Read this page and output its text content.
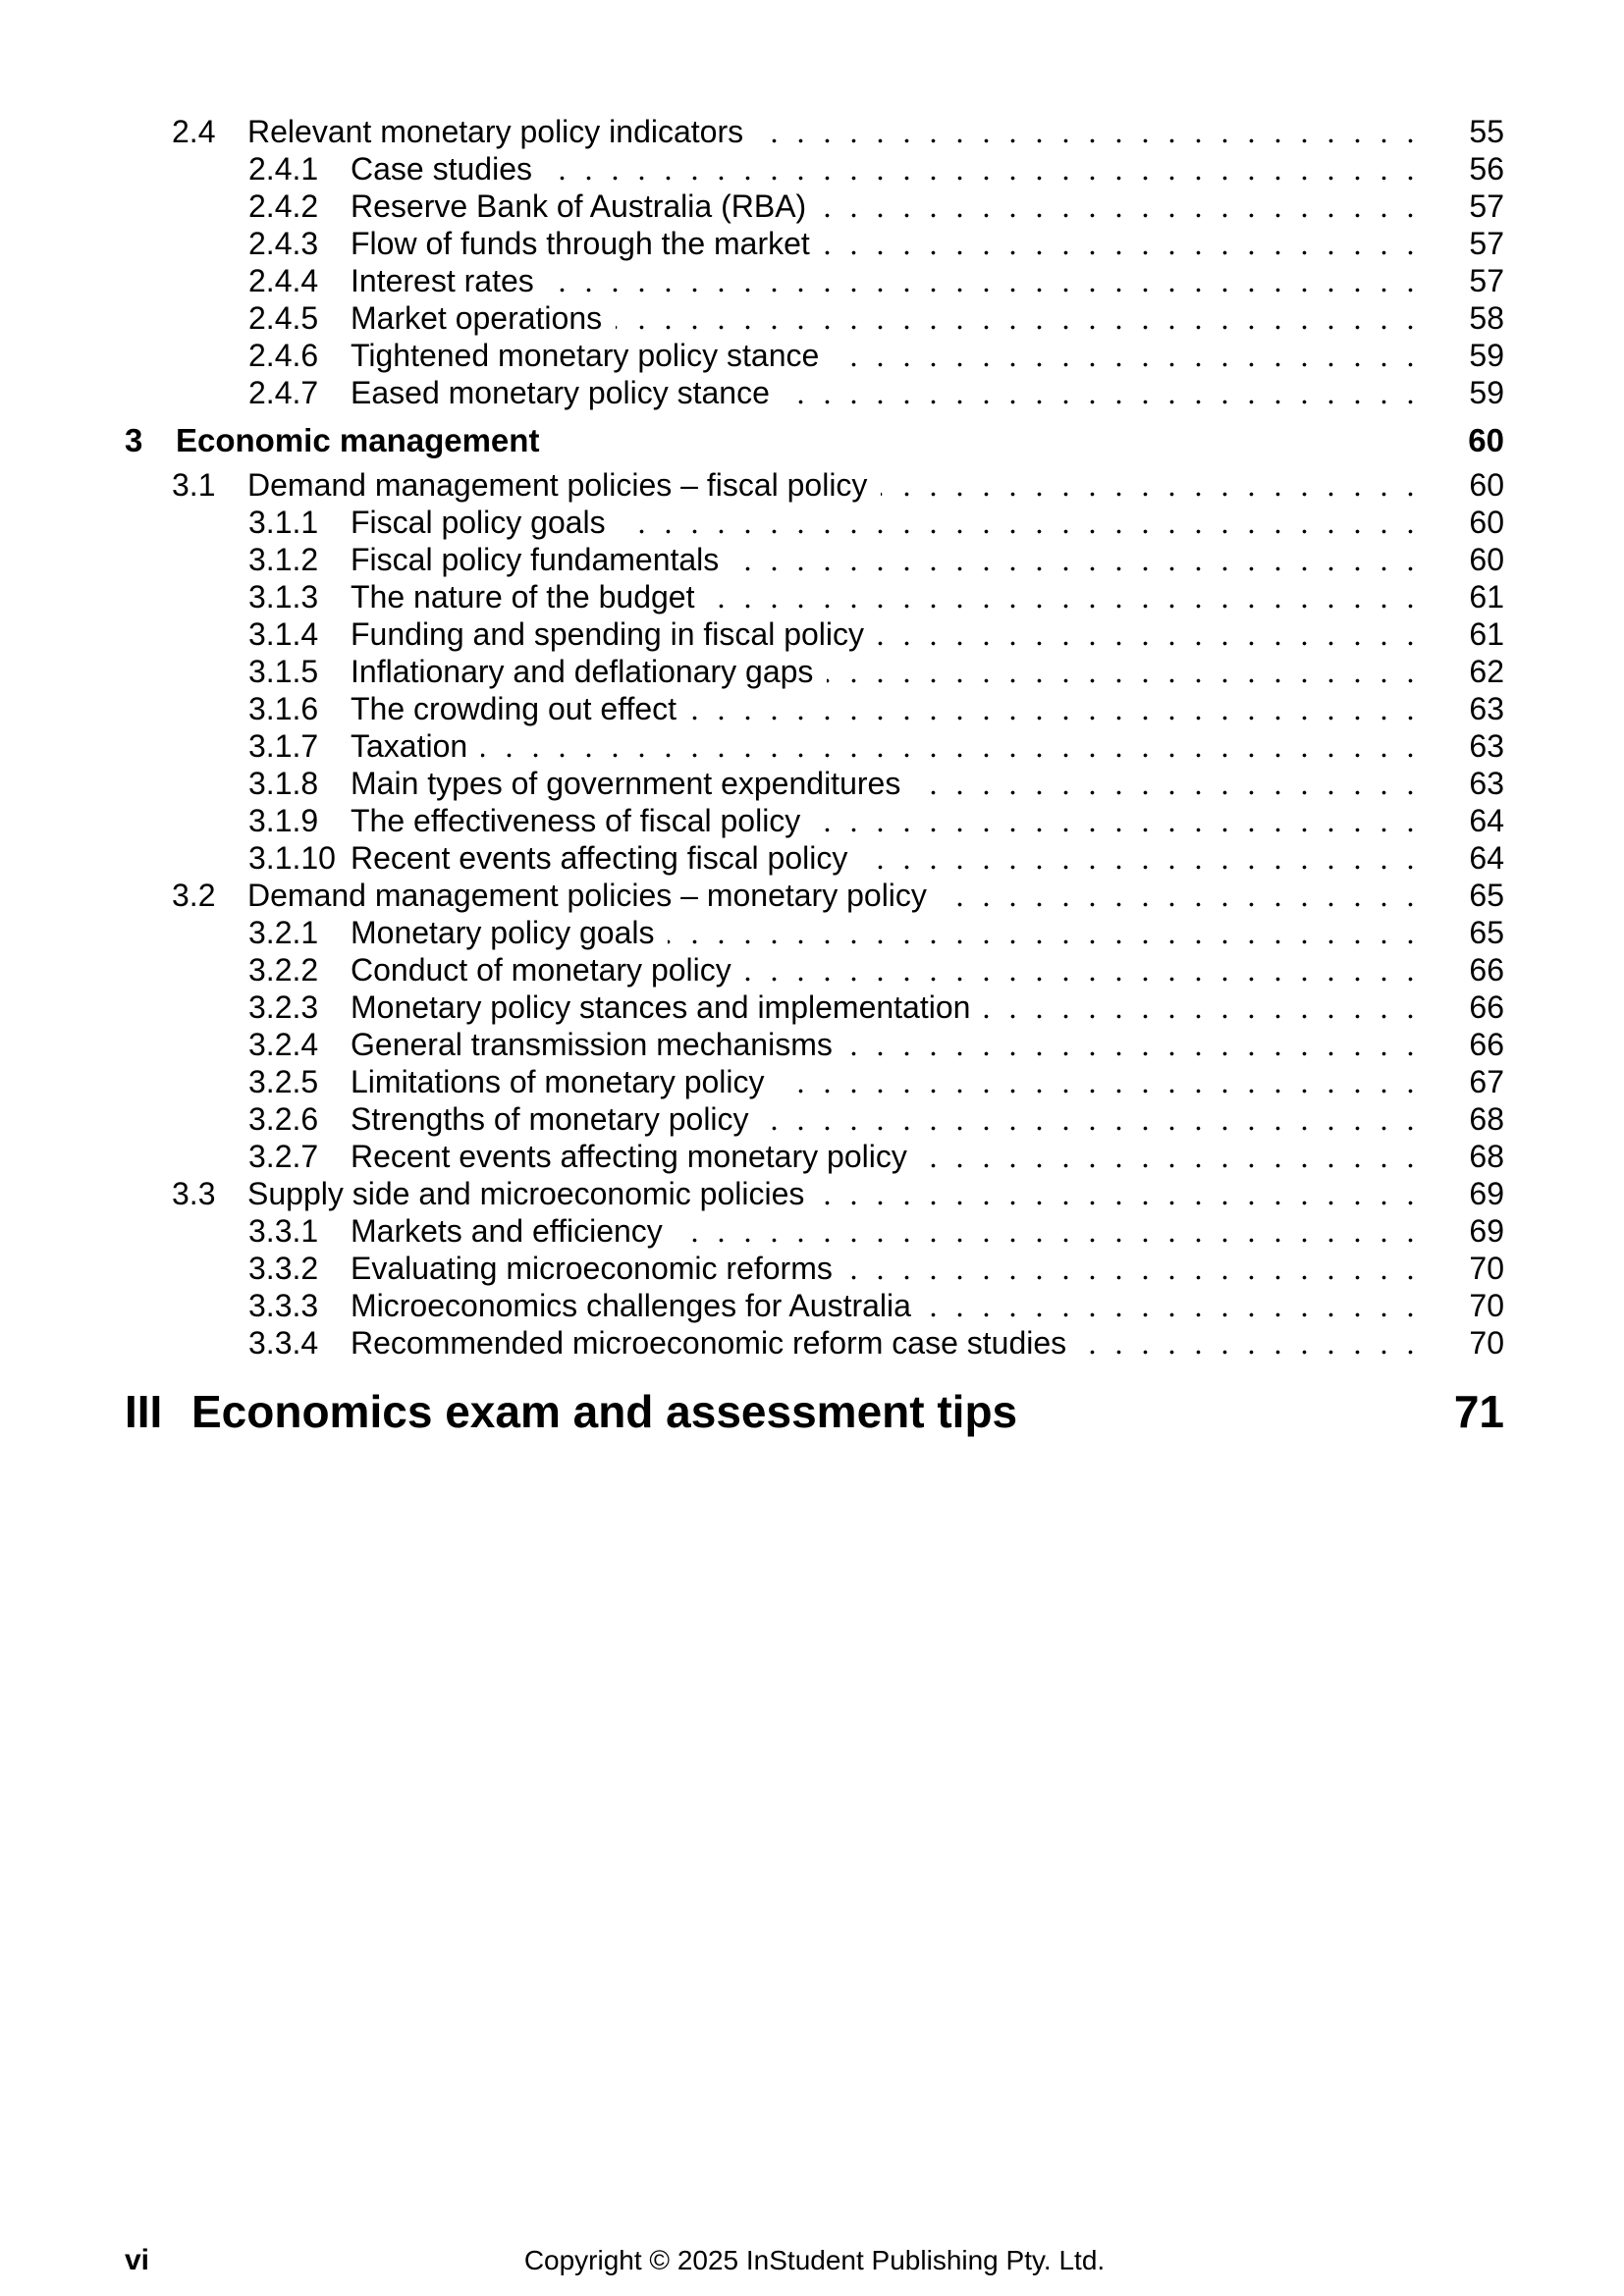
2.4	Relevant monetary policy indicators	55
2.4.1	Case studies	56
2.4.2	Reserve Bank of Australia (RBA)	57
2.4.3	Flow of funds through the market	57
2.4.4	Interest rates	57
2.4.5	Market operations	58
2.4.6	Tightened monetary policy stance	59
2.4.7	Eased monetary policy stance	59
3	Economic management	60
3.1	Demand management policies – fiscal policy	60
3.1.1	Fiscal policy goals	60
3.1.2	Fiscal policy fundamentals	60
3.1.3	The nature of the budget	61
3.1.4	Funding and spending in fiscal policy	61
3.1.5	Inflationary and deflationary gaps	62
3.1.6	The crowding out effect	63
3.1.7	Taxation	63
3.1.8	Main types of government expenditures	63
3.1.9	The effectiveness of fiscal policy	64
3.1.10 Recent events affecting fiscal policy	64
3.2	Demand management policies – monetary policy	65
3.2.1	Monetary policy goals	65
3.2.2	Conduct of monetary policy	66
3.2.3	Monetary policy stances and implementation	66
3.2.4	General transmission mechanisms	66
3.2.5	Limitations of monetary policy	67
3.2.6	Strengths of monetary policy	68
3.2.7	Recent events affecting monetary policy	68
3.3	Supply side and microeconomic policies	69
3.3.1	Markets and efficiency	69
3.3.2	Evaluating microeconomic reforms	70
3.3.3	Microeconomics challenges for Australia	70
3.3.4	Recommended microeconomic reform case studies	70
III Economics exam and assessment tips	71
vi	Copyright © 2025 InStudent Publishing Pty. Ltd.
